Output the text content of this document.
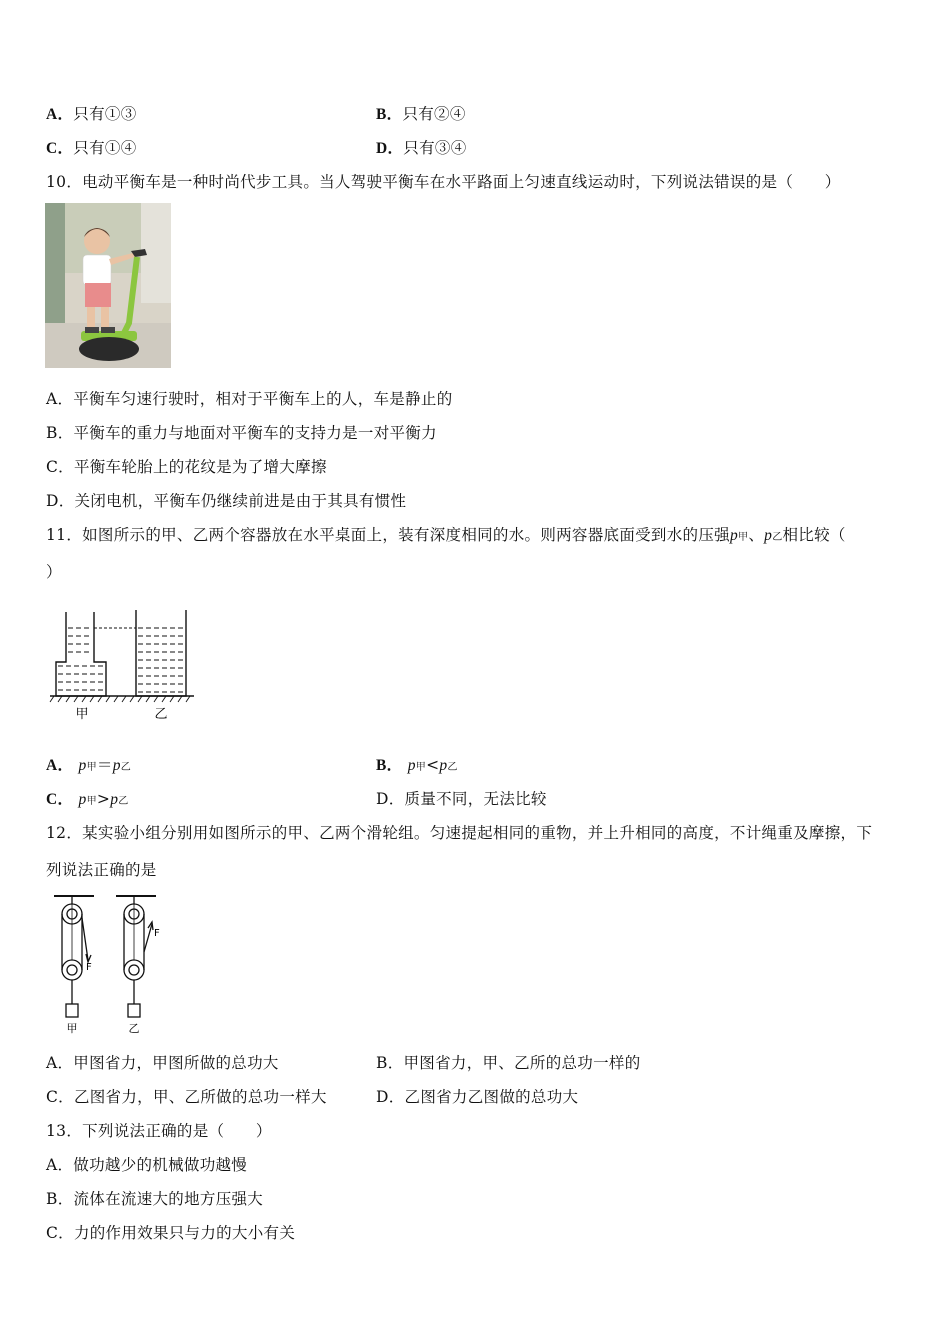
A．只有①③	B．只有②④
C．只有①④	D．只有③④
10．电动平衡车是一种时尚代步工具。当人驾驶平衡车在水平路面上匀速直线运动时，下列说法错误的是（　　）
A．平衡车匀速行驶时，相对于平衡车上的人，车是静止的
B．平衡车的重力与地面对平衡车的支持力是一对平衡力
C．平衡车轮胎上的花纹是为了增大摩擦
D．关闭电机，平衡车仍继续前进是由于其具有惯性
11．如图所示的甲、乙两个容器放在水平桌面上，装有深度相同的水。则两容器底面受到水的压强p甲、p乙相比较（
）
甲	乙
A． p甲＝p乙	B． p甲<p乙
C． p甲>p乙	D．质量不同，无法比较
12．某实验小组分别用如图所示的甲、乙两个滑轮组。匀速提起相同的重物，并上升相同的高度，不计绳重及摩擦，下
列说法正确的是
F
F
甲	乙
A．甲图省力，甲图所做的总功大	B．甲图省力，甲、乙所的总功一样的
C．乙图省力，甲、乙所做的总功一样大	D．乙图省力乙图做的总功大
13．下列说法正确的是（　　）
A．做功越少的机械做功越慢
B．流体在流速大的地方压强大
C．力的作用效果只与力的大小有关
